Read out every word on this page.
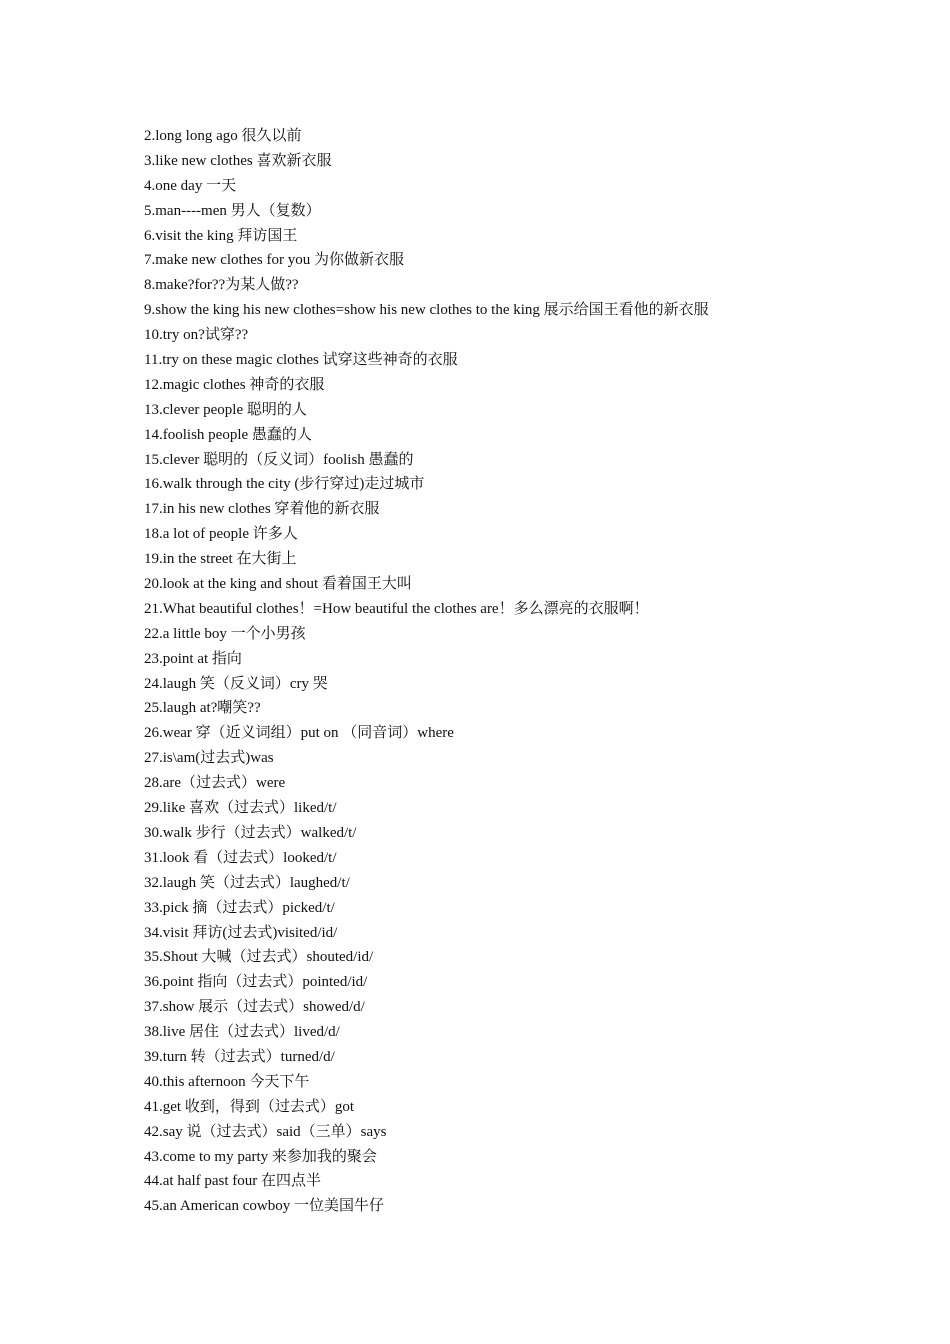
2.long long ago 很久以前
3.like new clothes 喜欢新衣服
4.one day 一天
5.man----men 男人（复数）
6.visit the king 拜访国王
7.make new clothes for you 为你做新衣服
8.make?for??为某人做??
9.show the king his new clothes=show his new clothes to the king 展示给国王看他的新衣服
10.try on?试穿??
11.try on these magic clothes 试穿这些神奇的衣服
12.magic clothes 神奇的衣服
13.clever people 聪明的人
14.foolish people 愚蠢的人
15.clever 聪明的（反义词）foolish 愚蠢的
16.walk through the city (步行穿过)走过城市
17.in his new clothes 穿着他的新衣服
18.a lot of people 许多人
19.in the street 在大街上
20.look at the king and shout 看着国王大叫
21.What beautiful clothes！=How beautiful the clothes are！多么漂亮的衣服啊！
22.a little boy 一个小男孩
23.point at 指向
24.laugh 笑（反义词）cry 哭
25.laugh at?嘲笑??
26.wear 穿（近义词组）put on （同音词）where
27.is\am(过去式)was
28.are（过去式）were
29.like 喜欢（过去式）liked/t/
30.walk 步行（过去式）walked/t/
31.look 看（过去式）looked/t/
32.laugh 笑（过去式）laughed/t/
33.pick 摘（过去式）picked/t/
34.visit 拜访(过去式)visited/id/
35.Shout 大喊（过去式）shouted/id/
36.point 指向（过去式）pointed/id/
37.show 展示（过去式）showed/d/
38.live 居住（过去式）lived/d/
39.turn 转（过去式）turned/d/
40.this afternoon 今天下午
41.get 收到，得到（过去式）got
42.say 说（过去式）said（三单）says
43.come to my party 来参加我的聚会
44.at half past four 在四点半
45.an American cowboy 一位美国牛仔
